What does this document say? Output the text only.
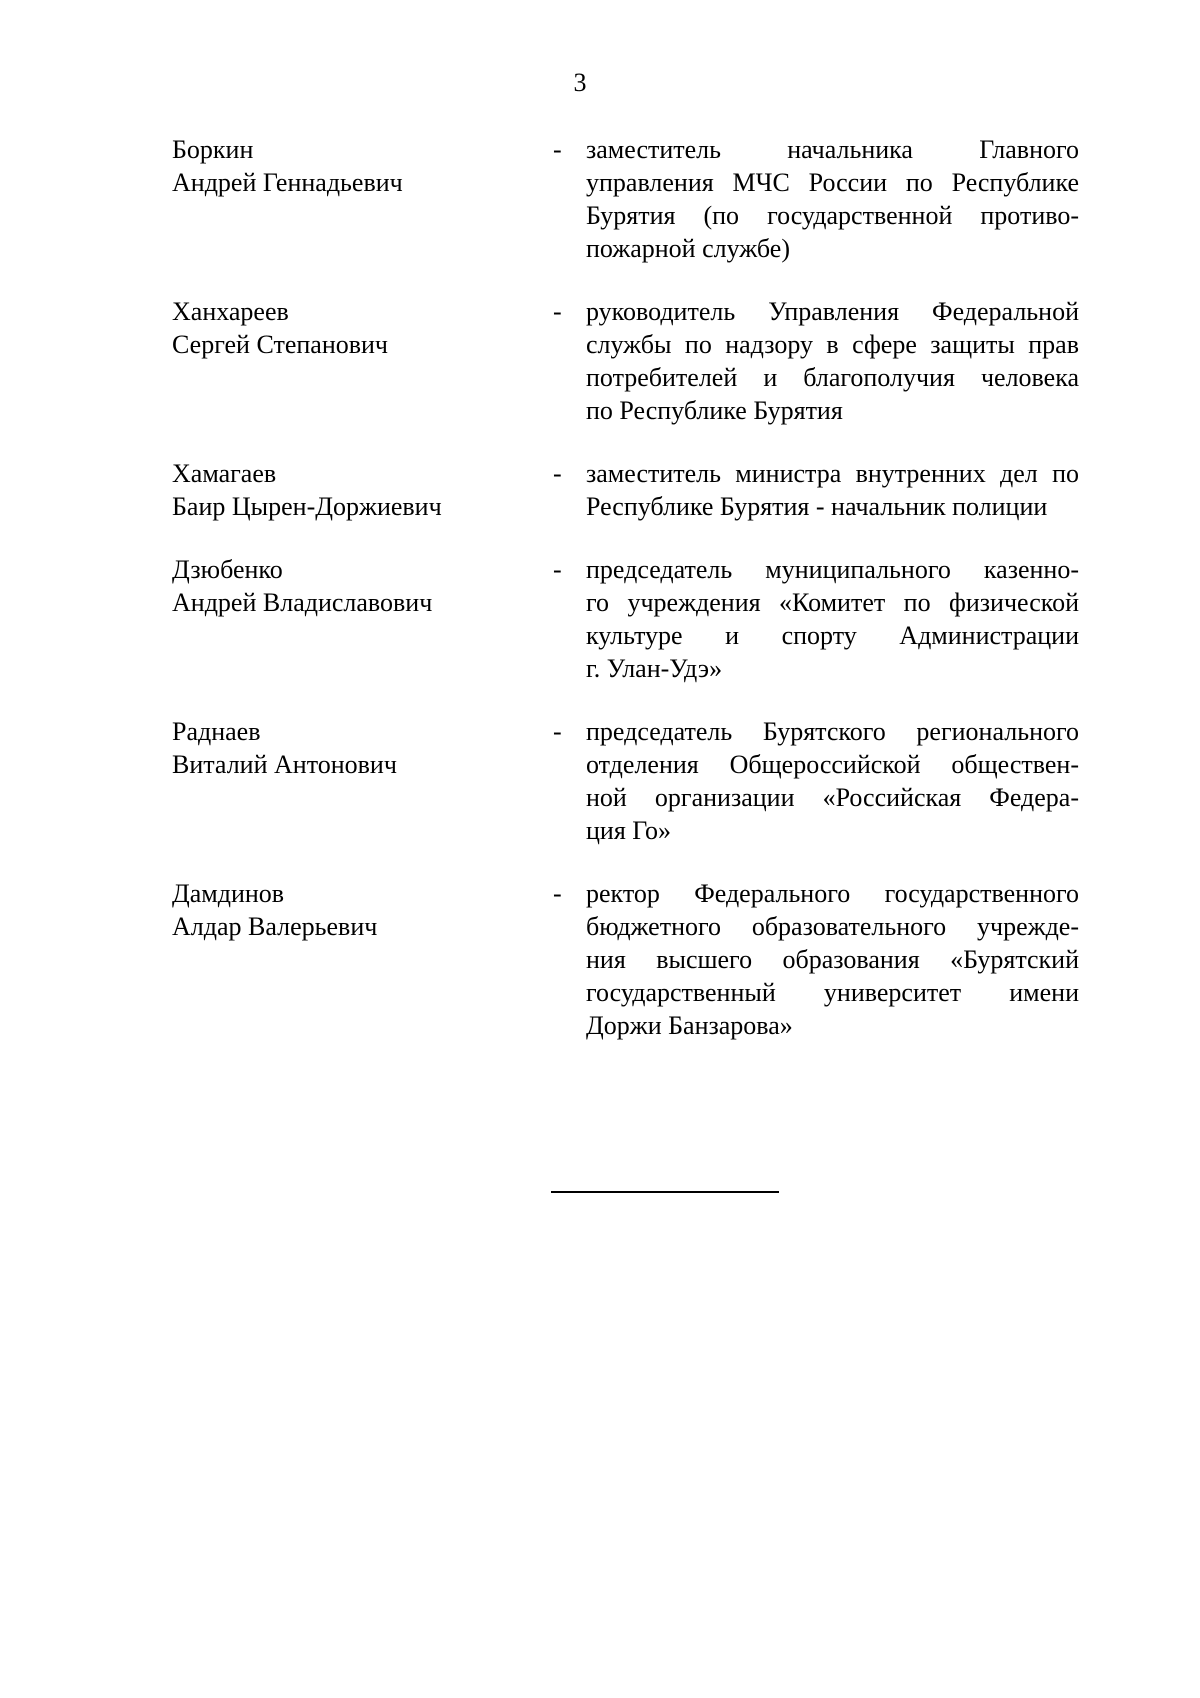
3
Боркин
Андрей Геннадьевич
- заместитель начальника Главного
управления МЧС России по Республике
Бурятия (по государственной противо-
пожарной службе)
Ханхареев
Сергей Степанович
- руководитель Управления Федеральной
службы по надзору в сфере защиты прав
потребителей и благополучия человека
по Республике Бурятия
Хамагаев
Баир Цырен-Доржиевич
- заместитель министра внутренних дел по
Республике Бурятия - начальник полиции
Дзюбенко
Андрей Владиславович
- председатель муниципального казенно-
го учреждения «Комитет по физической
культуре и спорту Администрации
г. Улан-Удэ»
Раднаев
Виталий Антонович
- председатель Бурятского регионального
отделения Общероссийской обществен-
ной организации «Российская Федера-
ция Го»
Дамдинов
Алдар Валерьевич
- ректор Федерального государственного
бюджетного образовательного учрежде-
ния высшего образования «Бурятский
государственный университет имени
Доржи Банзарова»
